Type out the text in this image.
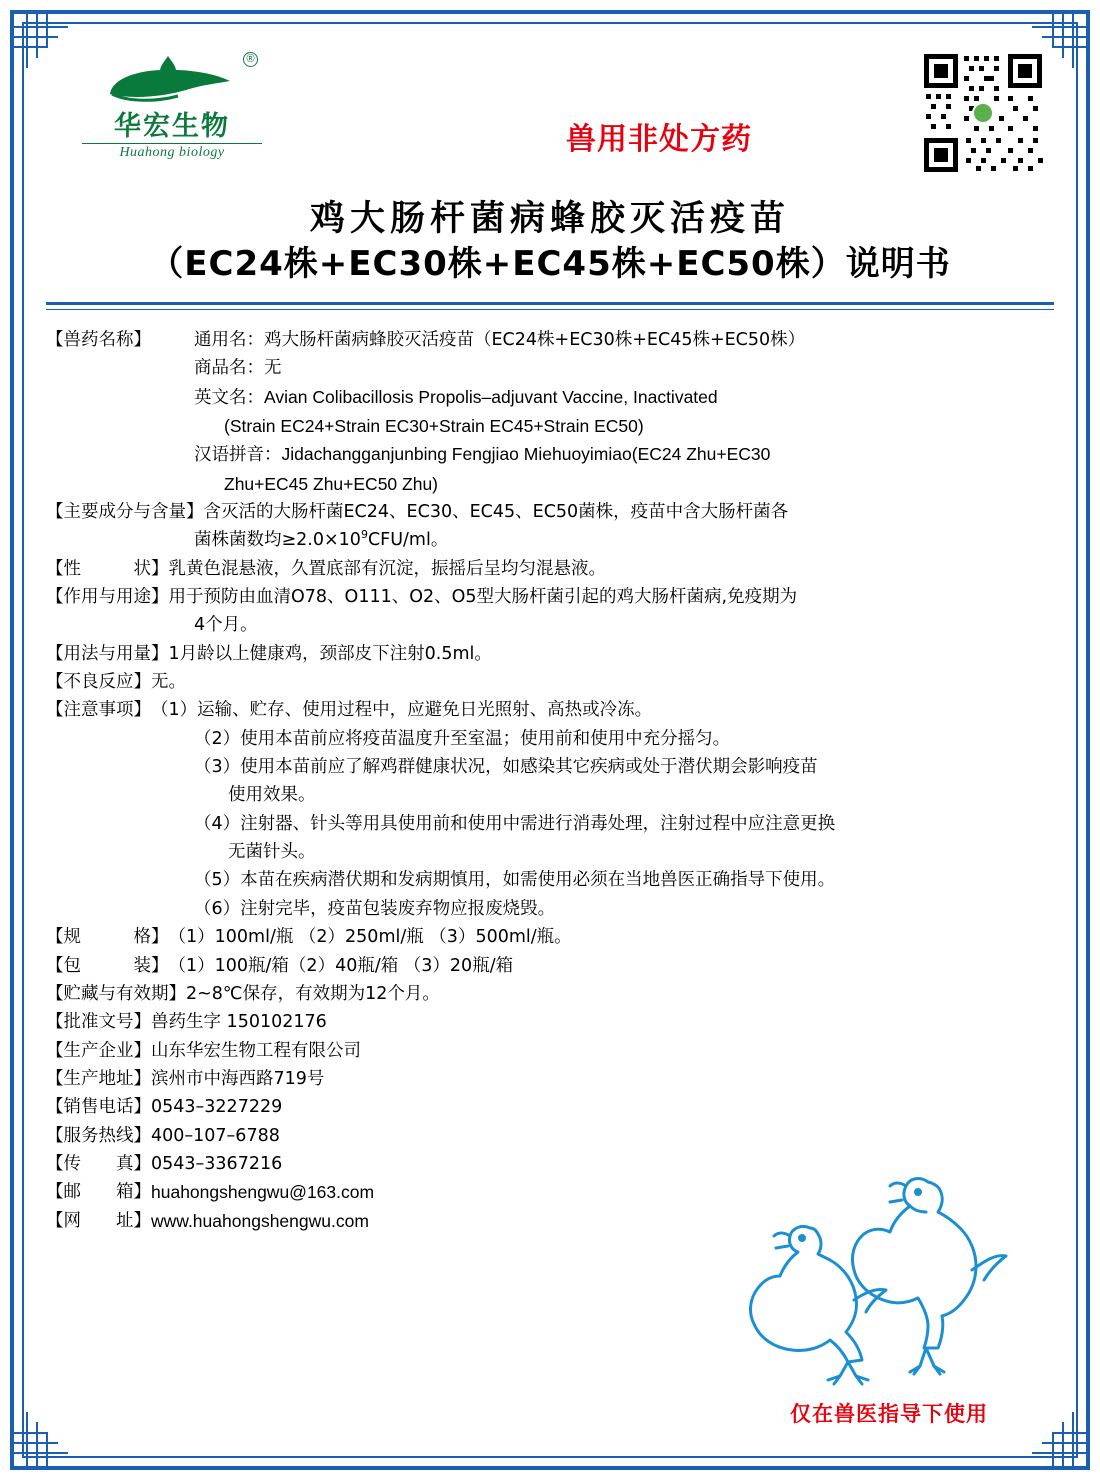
®
华宏生物
Huahong biology	兽用非处方药
鸡大肠杆菌病蜂胶灭活疫苗
（EC24株+EC30株+EC45株+EC50株）说明书
【兽药名称】	通用名：鸡大肠杆菌病蜂胶灭活疫苗（EC24株+EC30株+EC45株+EC50株）
商品名：无
英文名：Avian Colibacillosis Propolis–adjuvant Vaccine, Inactivated
(Strain EC24+Strain EC30+Strain EC45+Strain EC50)
汉语拼音：Jidachangganjunbing Fengjiao Miehuoyimiao(EC24 Zhu+EC30
Zhu+EC45 Zhu+EC50 Zhu)
【主要成分与含量】 含灭活的大肠杆菌EC24、EC30、EC45、EC50菌株，疫苗中含大肠杆菌各
菌株菌数均$\ge 2.0\times 10^9CFU/ml$。
【性　　　状】 乳黄色混悬液，久置底部有沉淀，振摇后呈均匀混悬液。
【作用与用途】 用于预防由血清O78、O111、O2、O5型大肠杆菌引起的鸡大肠杆菌病,免疫期为
4个月。
【用法与用量】 1月龄以上健康鸡，颈部皮下注射0.5ml。
【不良反应】 无。
【注意事项】 （1）运输、贮存、使用过程中，应避免日光照射、高热或冷冻。
（2）使用本苗前应将疫苗温度升至室温；使用前和使用中充分摇匀。
（3）使用本苗前应了解鸡群健康状况，如感染其它疾病或处于潜伏期会影响疫苗
使用效果。
（4）注射器、针头等用具使用前和使用中需进行消毒处理，注射过程中应注意更换
无菌针头。
（5）本苗在疾病潜伏期和发病期慎用，如需使用必须在当地兽医正确指导下使用。
（6）注射完毕，疫苗包装废弃物应报废烧毁。
【规　　　格】 （1）100ml/瓶 （2）250ml/瓶 （3）500ml/瓶。
【包　　　装】 （1）100瓶/箱（2）40瓶/箱 （3）20瓶/箱
【贮藏与有效期】 2~8℃保存，有效期为12个月。
【批准文号】 兽药生字 150102176
【生产企业】 山东华宏生物工程有限公司
【生产地址】 滨州市中海西路719号
【销售电话】 0543–3227229
【服务热线】 400–107–6788
【传　　真】 0543–3367216
【邮　　箱】 huahongshengwu@163.com
【网　　址】 www.huahongshengwu.com
仅在兽医指导下使用
